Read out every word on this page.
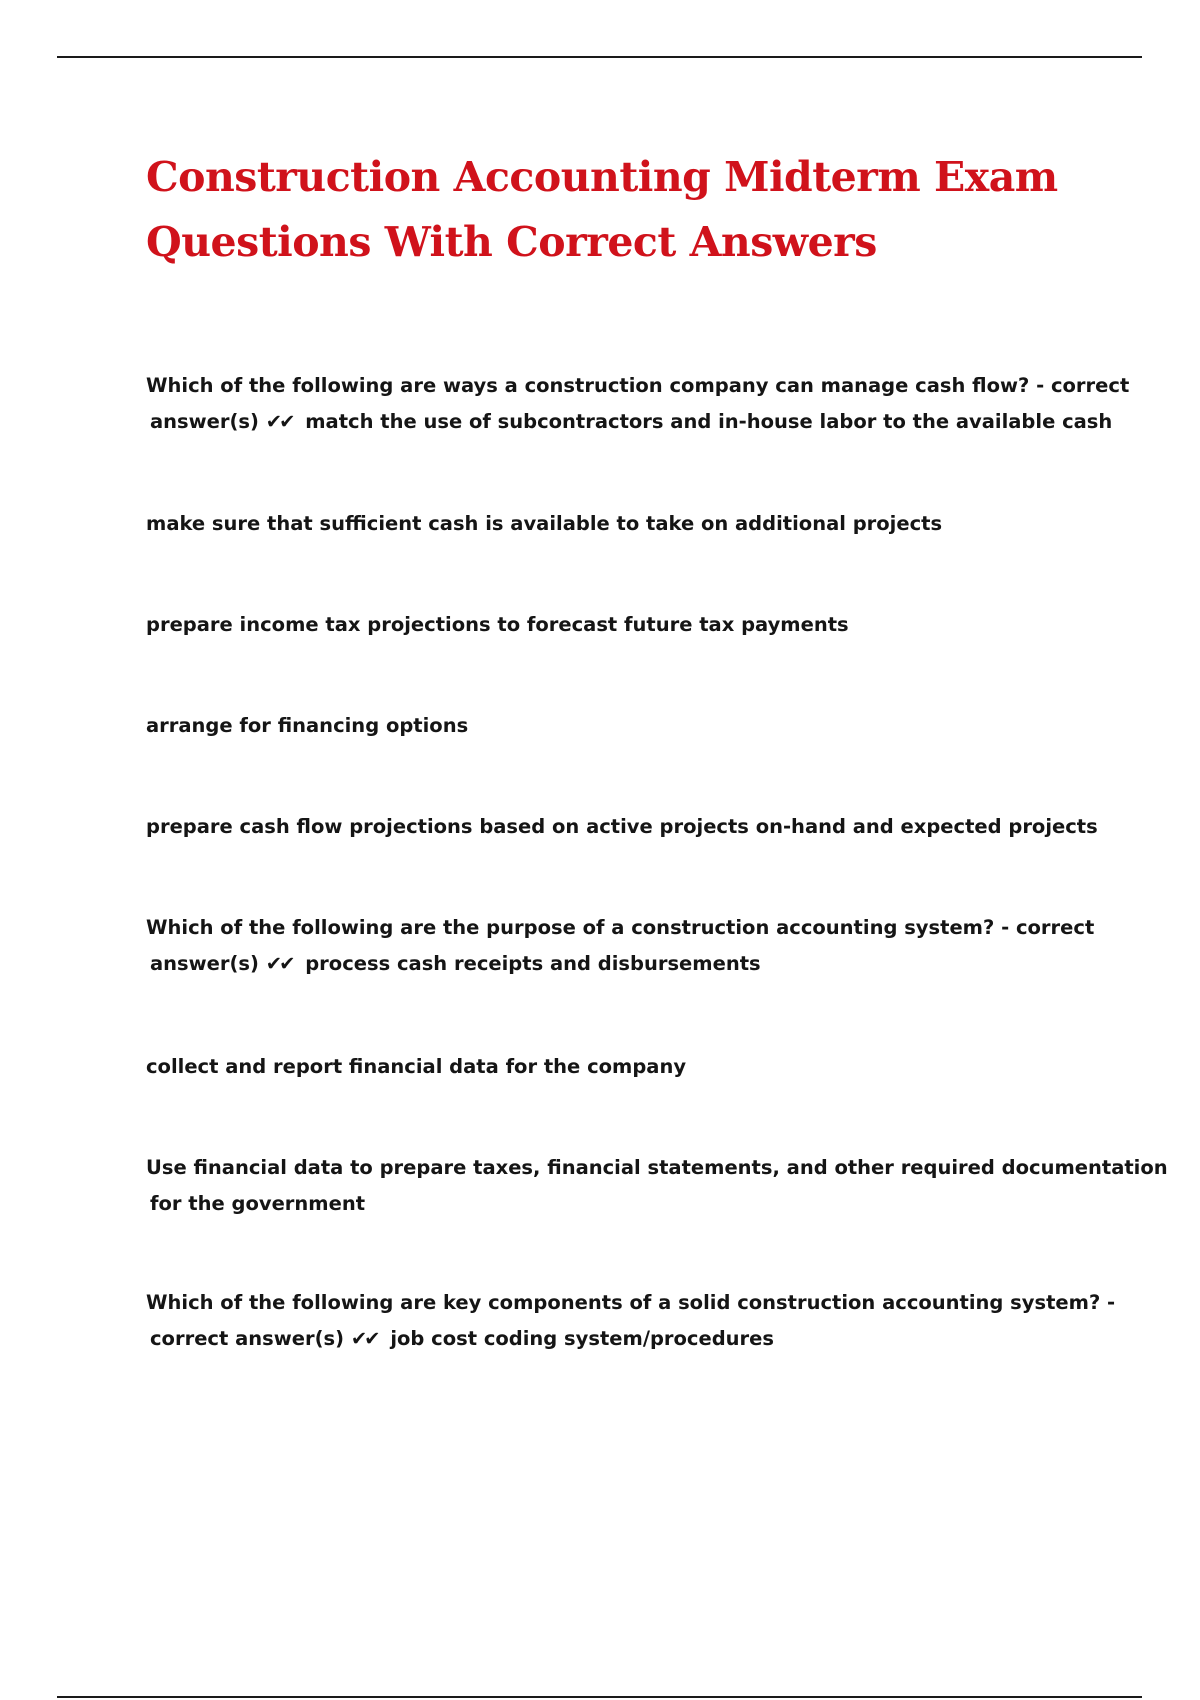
Construction Accounting Midterm Exam
Questions With Correct Answers

Which of the following are ways a construction company can manage cash flow? - correct
answer(s) ✔✔ match the use of subcontractors and in-house labor to the available cash

make sure that sufficient cash is available to take on additional projects

prepare income tax projections to forecast future tax payments

arrange for financing options

prepare cash flow projections based on active projects on-hand and expected projects

Which of the following are the purpose of a construction accounting system? - correct
answer(s) ✔✔ process cash receipts and disbursements

collect and report financial data for the company

Use financial data to prepare taxes, financial statements, and other required documentation
for the government

Which of the following are key components of a solid construction accounting system? -
correct answer(s) ✔✔ job cost coding system/procedures
